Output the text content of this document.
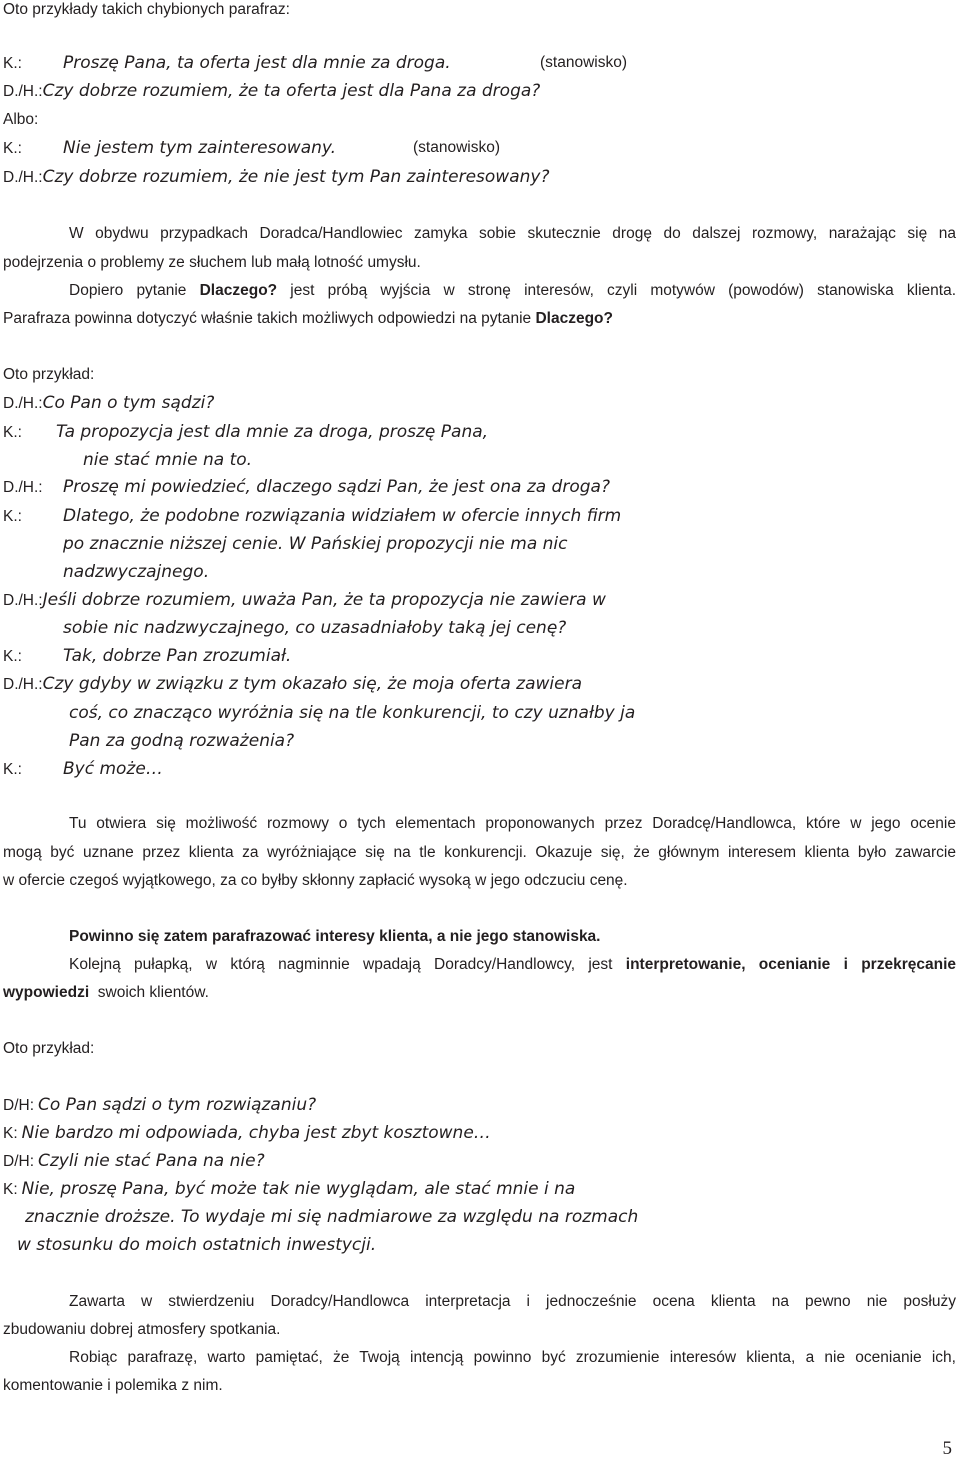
Oto przykłady takich chybionych parafraz:

K.: Proszę Pana, ta oferta jest dla mnie za droga.	(stanowisko)

D./H.:Czy dobrze rozumiem, że ta oferta jest dla Pana za droga?

Albo:

K.: Nie jestem tym zainteresowany.	(stanowisko)

D./H.:Czy dobrze rozumiem, że nie jest tym Pan zainteresowany?

W obydwu przypadkach Doradca/Handlowiec zamyka sobie skutecznie drogę do dalszej rozmowy, narażając się na

podejrzenia o problemy ze słuchem lub małą lotność umysłu.

Dopiero pytanie Dlaczego? jest próbą wyjścia w stronę interesów, czyli motywów (powodów) stanowiska klienta.

Parafraza powinna dotyczyć właśnie takich możliwych odpowiedzi na pytanie Dlaczego?

Oto przykład:

D./H.:Co Pan o tym sądzi?

K.: Ta propozycja jest dla mnie za droga, proszę Pana,

nie stać mnie na to.

D./H.: Proszę mi powiedzieć, dlaczego sądzi Pan, że jest ona za droga?

K.: Dlatego, że podobne rozwiązania widziałem w ofercie innych firm

po znacznie niższej cenie. W Pańskiej propozycji nie ma nic

nadzwyczajnego.

D./H.:Jeśli dobrze rozumiem, uważa Pan, że ta propozycja nie zawiera w

sobie nic nadzwyczajnego, co uzasadniałoby taką jej cenę?

K.: Tak, dobrze Pan zrozumiał.

D./H.:Czy gdyby w związku z tym okazało się, że moja oferta zawiera

coś, co znacząco wyróżnia się na tle konkurencji, to czy uznałby ja

Pan za godną rozważenia?

K.: Być może…

Tu otwiera się możliwość rozmowy o tych elementach proponowanych przez Doradcę/Handlowca, które w jego ocenie

mogą być uznane przez klienta za wyróżniające się na tle konkurencji. Okazuje się, że głównym interesem klienta było zawarcie

w ofercie czegoś wyjątkowego, za co byłby skłonny zapłacić wysoką w jego odczuciu cenę.

Powinno się zatem parafrazować interesy klienta, a nie jego stanowiska.

Kolejną pułapką, w którą nagminnie wpadają Doradcy/Handlowcy, jest interpretowanie, ocenianie i przekręcanie

wypowiedzi swoich klientów.

Oto przykład:

D/H: Co Pan sądzi o tym rozwiązaniu?

K: Nie bardzo mi odpowiada, chyba jest zbyt kosztowne…

D/H: Czyli nie stać Pana na nie?

K: Nie, proszę Pana, być może tak nie wyglądam, ale stać mnie i na

znacznie droższe. To wydaje mi się nadmiarowe za względu na rozmach

w stosunku do moich ostatnich inwestycji.

Zawarta w stwierdzeniu Doradcy/Handlowca interpretacja i jednocześnie ocena klienta na pewno nie posłuży

zbudowaniu dobrej atmosfery spotkania.

Robiąc parafrazę, warto pamiętać, że Twoją intencją powinno być zrozumienie interesów klienta, a nie ocenianie ich,

komentowanie i polemika z nim.

5
